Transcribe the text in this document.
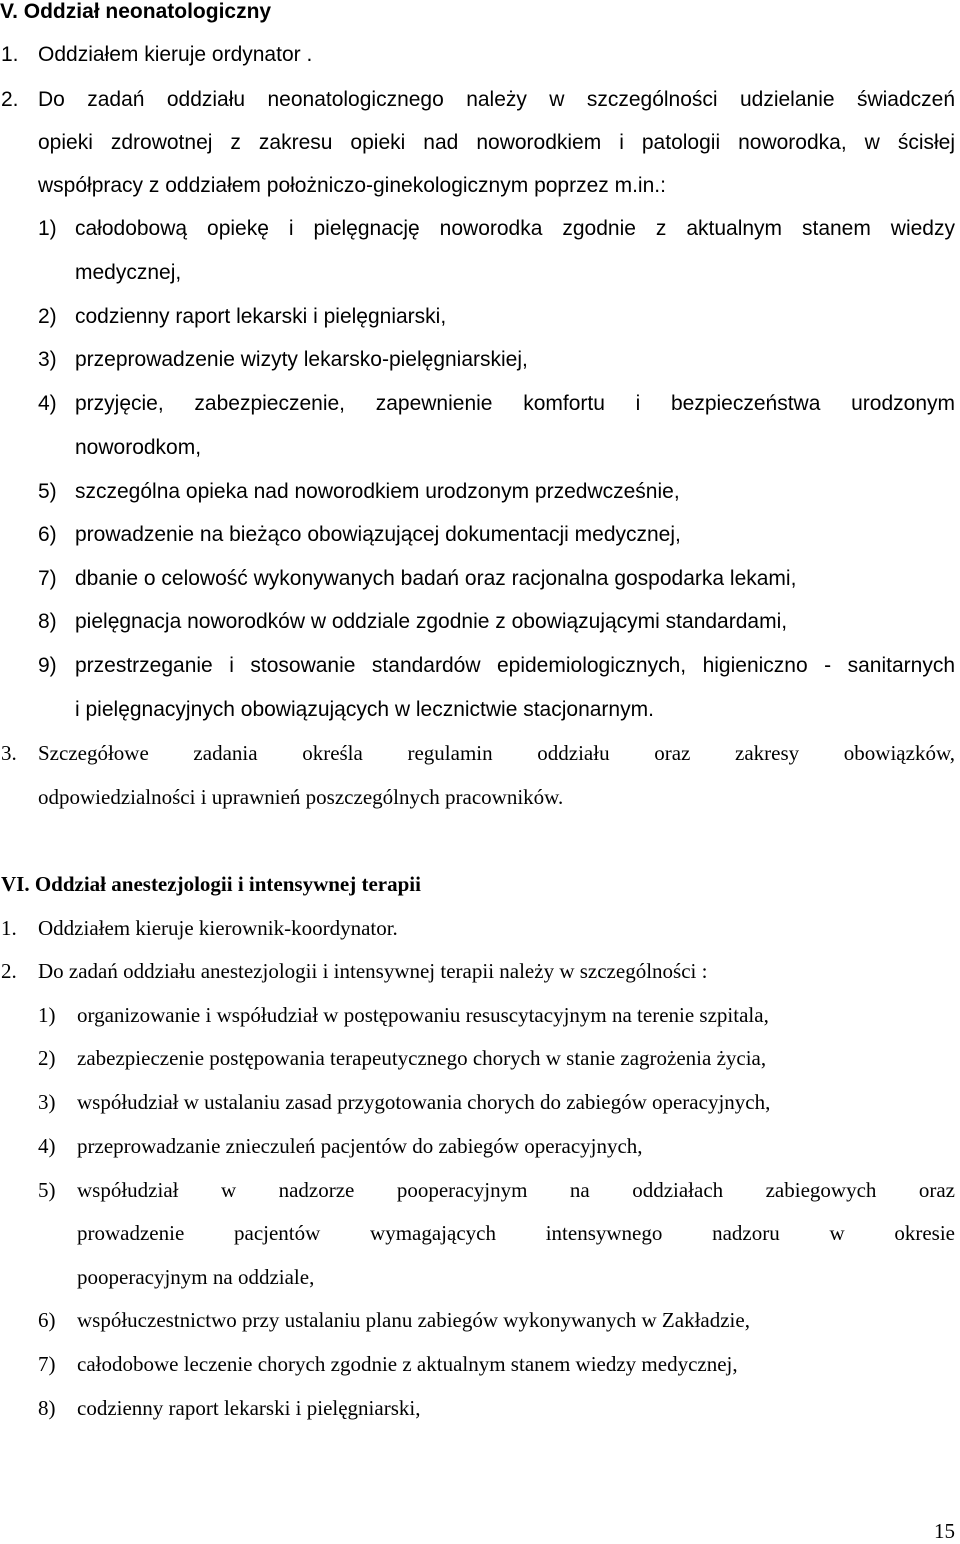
V. Oddział neonatologiczny
1. Oddziałem kieruje ordynator .
2. Do zadań oddziału neonatologicznego należy w szczególności udzielanie świadczeń
opieki zdrowotnej z zakresu opieki nad noworodkiem i patologii noworodka, w ścisłej
współpracy z oddziałem położniczo-ginekologicznym poprzez m.in.:
1) całodobową opiekę i pielęgnację noworodka zgodnie z aktualnym stanem wiedzy
medycznej,
2) codzienny raport lekarski i pielęgniarski,
3) przeprowadzenie wizyty lekarsko-pielęgniarskiej,
4) przyjęcie, zabezpieczenie, zapewnienie komfortu i bezpieczeństwa urodzonym
noworodkom,
5) szczególna opieka nad noworodkiem urodzonym przedwcześnie,
6) prowadzenie na bieżąco obowiązującej dokumentacji medycznej,
7) dbanie o celowość wykonywanych badań oraz racjonalna gospodarka lekami,
8) pielęgnacja noworodków w oddziale zgodnie z obowiązującymi standardami,
9) przestrzeganie i stosowanie standardów epidemiologicznych, higieniczno - sanitarnych
i pielęgnacyjnych obowiązujących w lecznictwie stacjonarnym.
3. Szczegółowe zadania określa regulamin oddziału oraz zakresy obowiązków,
odpowiedzialności i uprawnień poszczególnych pracowników.
VI. Oddział anestezjologii i intensywnej terapii
1. Oddziałem kieruje kierownik-koordynator.
2. Do zadań oddziału anestezjologii i intensywnej terapii należy w szczególności :
1) organizowanie i współudział w postępowaniu resuscytacyjnym na terenie szpitala,
2) zabezpieczenie postępowania terapeutycznego chorych w stanie zagrożenia życia,
3) współudział w ustalaniu zasad przygotowania chorych do zabiegów operacyjnych,
4) przeprowadzanie znieczuleń pacjentów do zabiegów operacyjnych,
5) współudział w nadzorze pooperacyjnym na oddziałach zabiegowych oraz
prowadzenie pacjentów wymagających intensywnego nadzoru w okresie
pooperacyjnym na oddziale,
6) współuczestnictwo przy ustalaniu planu zabiegów wykonywanych w Zakładzie,
7) całodobowe leczenie chorych zgodnie z aktualnym stanem wiedzy medycznej,
8) codzienny raport lekarski i pielęgniarski,
15
